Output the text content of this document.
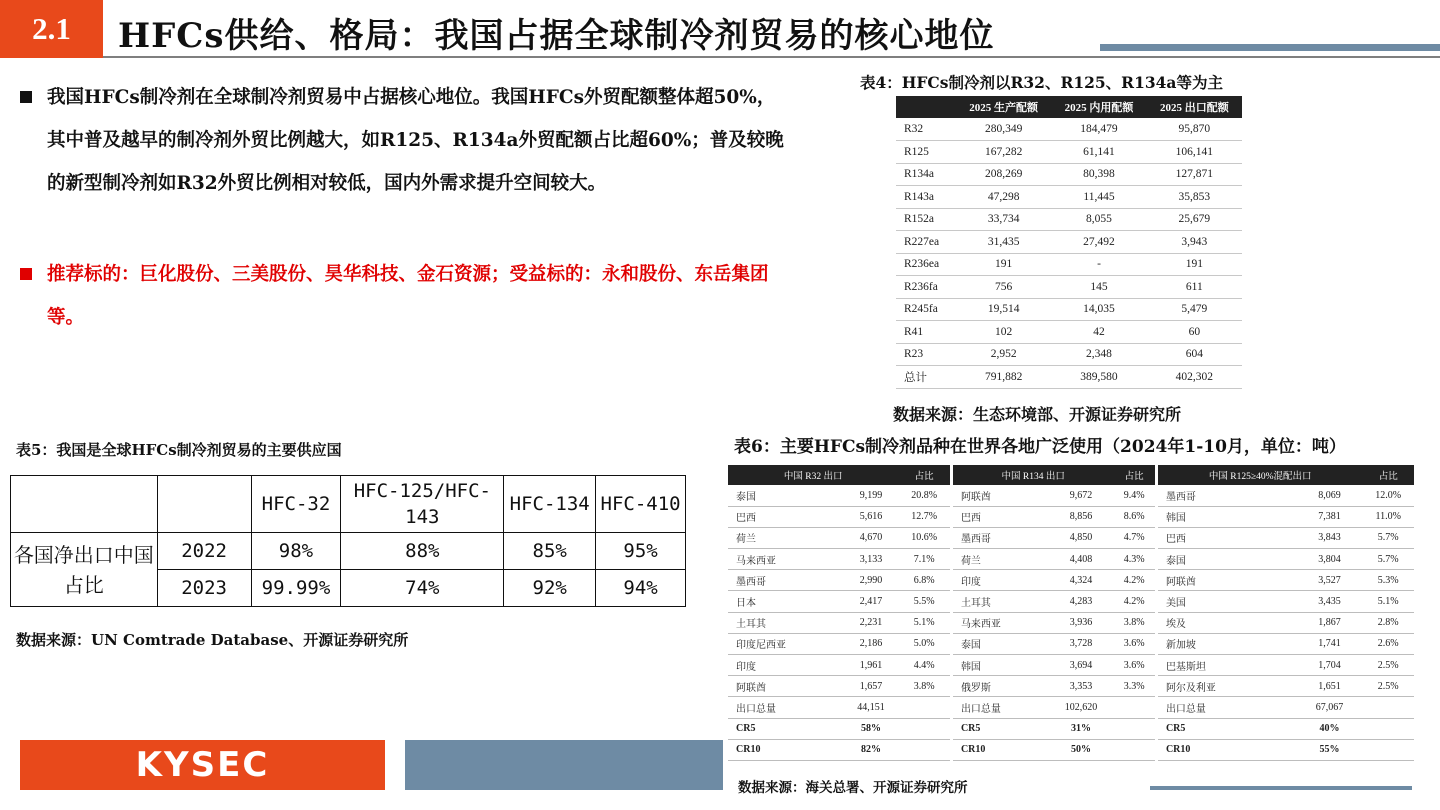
2.1	HFCs供给、格局：我国占据全球制冷剂贸易的核心地位
我国HFCs制冷剂在全球制冷剂贸易中占据核心地位。我国HFCs外贸配额整体超50%，其中普及越早的制冷剂外贸比例越大，如R125、R134a外贸配额占比超60%；普及较晚的新型制冷剂如R32外贸比例相对较低，国内外需求提升空间较大。
推荐标的：巨化股份、三美股份、昊华科技、金石资源；受益标的：永和股份、东岳集团等。
表4：HFCs制冷剂以R32、R125、R134a等为主
	2025 生产配额	2025 内用配额	2025 出口配额
R32	280,349	184,479	95,870
R125	167,282	61,141	106,141
R134a	208,269	80,398	127,871
R143a	47,298	11,445	35,853
R152a	33,734	8,055	25,679
R227ea	31,435	27,492	3,943
R236ea	191	-	191
R236fa	756	145	611
R245fa	19,514	14,035	5,479
R41	102	42	60
R23	2,952	2,348	604
总计	791,882	389,580	402,302
数据来源：生态环境部、开源证券研究所
表5：我国是全球HFCs制冷剂贸易的主要供应国
		HFC-32	HFC-125/HFC-143	HFC-134	HFC-410
各国净出口中国占比	2022	98%	88%	85%	95%
	2023	99.99%	74%	92%	94%
数据来源：UN Comtrade Database、开源证券研究所
表6：主要HFCs制冷剂品种在世界各地广泛使用（2024年1-10月，单位：吨）
中国 R32 出口		占比		中国 R134 出口		占比		中国 R125≥40%混配出口		占比
泰国	9,199	20.8%		阿联酋	9,672	9.4%		墨西哥	8,069	12.0%
巴西	5,616	12.7%		巴西	8,856	8.6%		韩国	7,381	11.0%
荷兰	4,670	10.6%		墨西哥	4,850	4.7%		巴西	3,843	5.7%
马来西亚	3,133	7.1%		荷兰	4,408	4.3%		泰国	3,804	5.7%
墨西哥	2,990	6.8%		印度	4,324	4.2%		阿联酋	3,527	5.3%
日本	2,417	5.5%		土耳其	4,283	4.2%		美国	3,435	5.1%
土耳其	2,231	5.1%		马来西亚	3,936	3.8%		埃及	1,867	2.8%
印度尼西亚	2,186	5.0%		泰国	3,728	3.6%		新加坡	1,741	2.6%
印度	1,961	4.4%		韩国	3,694	3.6%		巴基斯坦	1,704	2.5%
阿联酋	1,657	3.8%		俄罗斯	3,353	3.3%		阿尔及利亚	1,651	2.5%
出口总量	44,151			出口总量	102,620			出口总量	67,067	
CR5	58%			CR5	31%			CR5	40%	
CR10	82%			CR10	50%			CR10	55%	
数据来源：海关总署、开源证券研究所
KYSEC
